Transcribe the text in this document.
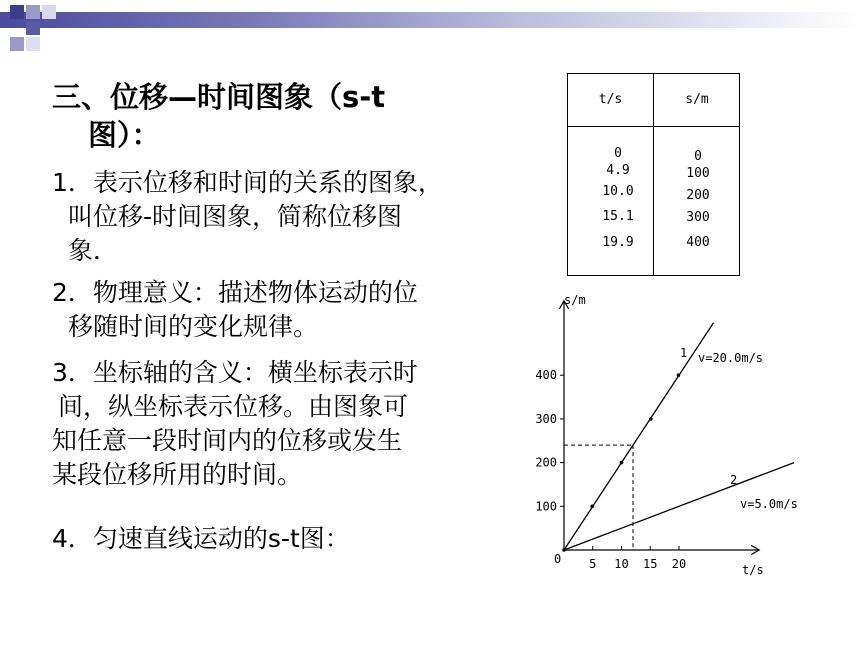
三、位移—时间图象（s-t
图）：
1．表示位移和时间的关系的图象，
叫位移-时间图象，简称位移图
象．
2．物理意义：描述物体运动的位
移随时间的变化规律。
3．坐标轴的含义：横坐标表示时
间，纵坐标表示位移。由图象可
知任意一段时间内的位移或发生
某段位移所用的时间。
4．匀速直线运动的s-t图：
t/s	s/m
0	0
4.9	100
10.0	200
15.1	300
19.9	400
s/m
t/s
0 5 10 15 20
100
200
300
400
1 v=20.0m/s
2
v=5.0m/s
